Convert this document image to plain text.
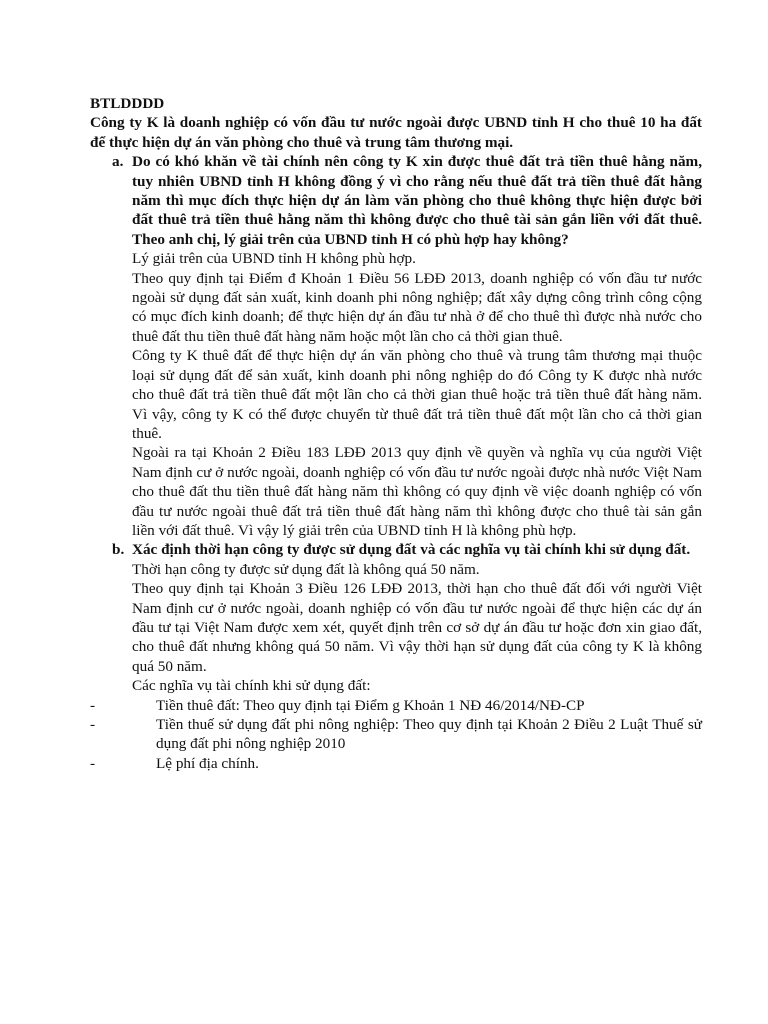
BTLDDDD

Công ty K là doanh nghiệp có vốn đầu tư nước ngoài được UBND tỉnh H cho thuê 10 ha đất để thực hiện dự án văn phòng cho thuê và trung tâm thương mại.

a. Do có khó khăn về tài chính nên công ty K xin được thuê đất trả tiền thuê hằng năm, tuy nhiên UBND tỉnh H không đồng ý vì cho rằng nếu thuê đất trả tiền thuê đất hằng năm thì mục đích thực hiện dự án làm văn phòng cho thuê không thực hiện được bởi đất thuê trả tiền thuê hằng năm thì không được cho thuê tài sản gắn liền với đất thuê. Theo anh chị, lý giải trên của UBND tỉnh H có phù hợp hay không?

Lý giải trên của UBND tỉnh H không phù hợp.

Theo quy định tại Điểm đ Khoản 1 Điều 56 LĐĐ 2013, doanh nghiệp có vốn đầu tư nước ngoài sử dụng đất sản xuất, kinh doanh phi nông nghiệp; đất xây dựng công trình công cộng có mục đích kinh doanh; để thực hiện dự án đầu tư nhà ở để cho thuê thì được nhà nước cho thuê đất thu tiền thuê đất hàng năm hoặc một lần cho cả thời gian thuê.

Công ty K thuê đất để thực hiện dự án văn phòng cho thuê và trung tâm thương mại thuộc loại sử dụng đất để sản xuất, kinh doanh phi nông nghiệp do đó Công ty K được nhà nước cho thuê đất trả tiền thuê đất một lần cho cả thời gian thuê hoặc trả tiền thuê đất hàng năm. Vì vậy, công ty K có thể được chuyển từ thuê đất trả tiền thuê đất một lần cho cả thời gian thuê.

Ngoài ra tại Khoản 2 Điều 183 LĐĐ 2013 quy định về quyền và nghĩa vụ của người Việt Nam định cư ở nước ngoài, doanh nghiệp có vốn đầu tư nước ngoài được nhà nước Việt Nam cho thuê đất thu tiền thuê đất hàng năm thì không có quy định về việc doanh nghiệp có vốn đầu tư nước ngoài thuê đất trả tiền thuê đất hàng năm thì không được cho thuê tài sản gắn liền với đất thuê. Vì vậy lý giải trên của UBND tỉnh H là không phù hợp.

b. Xác định thời hạn công ty được sử dụng đất và các nghĩa vụ tài chính khi sử dụng đất.

Thời hạn công ty được sử dụng đất là không quá 50 năm.

Theo quy định tại Khoản 3 Điều 126 LĐĐ 2013, thời hạn cho thuê đất đối với người Việt Nam định cư ở nước ngoài, doanh nghiệp có vốn đầu tư nước ngoài để thực hiện các dự án đầu tư tại Việt Nam được xem xét, quyết định trên cơ sở dự án đầu tư hoặc đơn xin giao đất, cho thuê đất nhưng không quá 50 năm. Vì vậy thời hạn sử dụng đất của công ty K là không quá 50 năm.

Các nghĩa vụ tài chính khi sử dụng đất:

-	Tiền thuê đất: Theo quy định tại Điểm g Khoản 1 NĐ 46/2014/NĐ-CP
-	Tiền thuế sử dụng đất phi nông nghiệp: Theo quy định tại Khoản 2 Điều 2 Luật Thuế sử dụng đất phi nông nghiệp 2010
-	Lệ phí địa chính.
